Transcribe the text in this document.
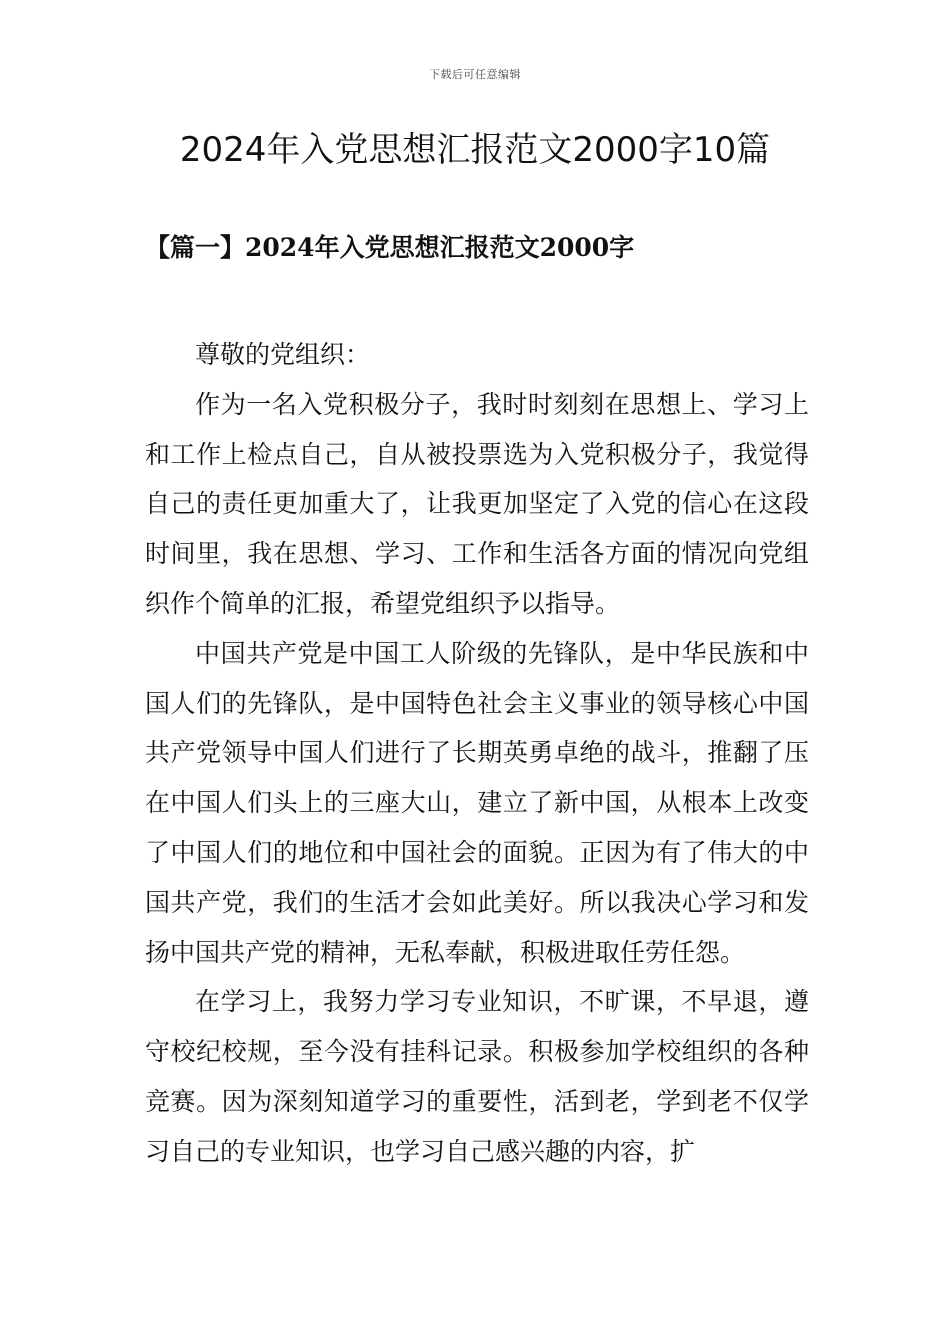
下载后可任意编辑
2024年入党思想汇报范文2000字10篇
【篇一】2024年入党思想汇报范文2000字

尊敬的党组织：

作为一名入党积极分子，我时时刻刻在思想上、学习上和工作上检点自己，自从被投票选为入党积极分子，我觉得自己的责任更加重大了，让我更加坚定了入党的信心在这段时间里，我在思想、学习、工作和生活各方面的情况向党组织作个简单的汇报，希望党组织予以指导。

中国共产党是中国工人阶级的先锋队，是中华民族和中国人们的先锋队，是中国特色社会主义事业的领导核心中国共产党领导中国人们进行了长期英勇卓绝的战斗，推翻了压在中国人们头上的三座大山，建立了新中国，从根本上改变了中国人们的地位和中国社会的面貌。正因为有了伟大的中国共产党，我们的生活才会如此美好。所以我决心学习和发扬中国共产党的精神，无私奉献，积极进取任劳任怨。

在学习上，我努力学习专业知识，不旷课，不早退，遵守校纪校规，至今没有挂科记录。积极参加学校组织的各种竞赛。因为深刻知道学习的重要性，活到老，学到老不仅学习自己的专业知识，也学习自己感兴趣的内容，扩
